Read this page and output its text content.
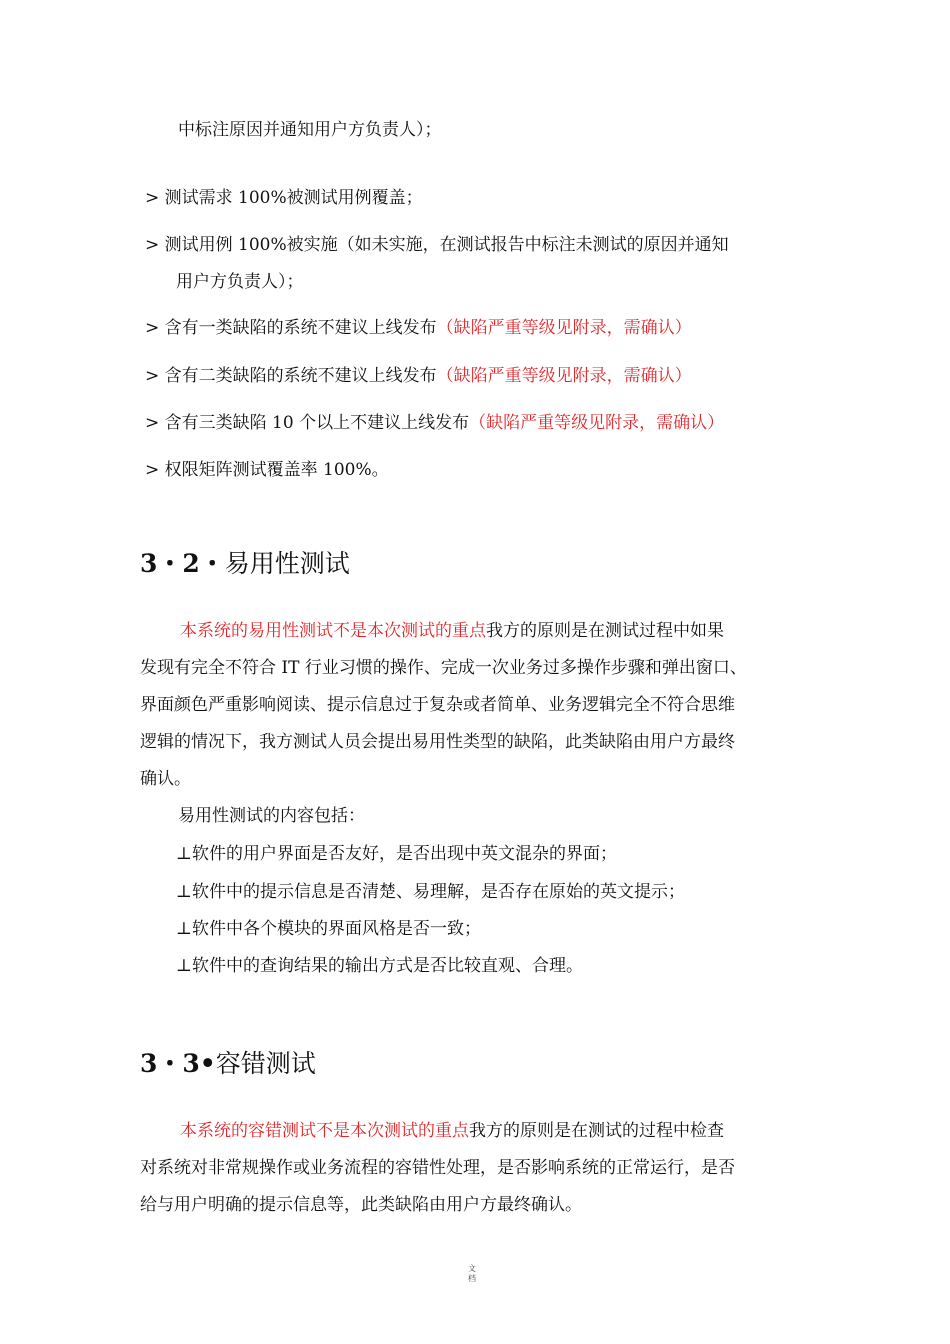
中标注原因并通知用户方负责人）；
> 测试需求 100%被测试用例覆盖；
> 测试用例 100%被实施（如未实施，在测试报告中标注未测试的原因并通知
用户方负责人）；
> 含有一类缺陷的系统不建议上线发布（缺陷严重等级见附录，需确认）
> 含有二类缺陷的系统不建议上线发布（缺陷严重等级见附录，需确认）
> 含有三类缺陷 10 个以上不建议上线发布（缺陷严重等级见附录，需确认）
> 权限矩阵测试覆盖率 100%。
3・2・易用性测试
本系统的易用性测试不是本次测试的重点我方的原则是在测试过程中如果
发现有完全不符合 IT 行业习惯的操作、完成一次业务过多操作步骤和弹出窗口、
界面颜色严重影响阅读、提示信息过于复杂或者简单、业务逻辑完全不符合思维
逻辑的情况下，我方测试人员会提出易用性类型的缺陷，此类缺陷由用户方最终
确认。
易用性测试的内容包括：
⊥软件的用户界面是否友好，是否出现中英文混杂的界面；
⊥软件中的提示信息是否清楚、易理解，是否存在原始的英文提示；
⊥软件中各个模块的界面风格是否一致；
⊥软件中的查询结果的输出方式是否比较直观、合理。
3・3•容错测试
本系统的容错测试不是本次测试的重点我方的原则是在测试的过程中检查
对系统对非常规操作或业务流程的容错性处理，是否影响系统的正常运行，是否
给与用户明确的提示信息等，此类缺陷由用户方最终确认。
文
档
